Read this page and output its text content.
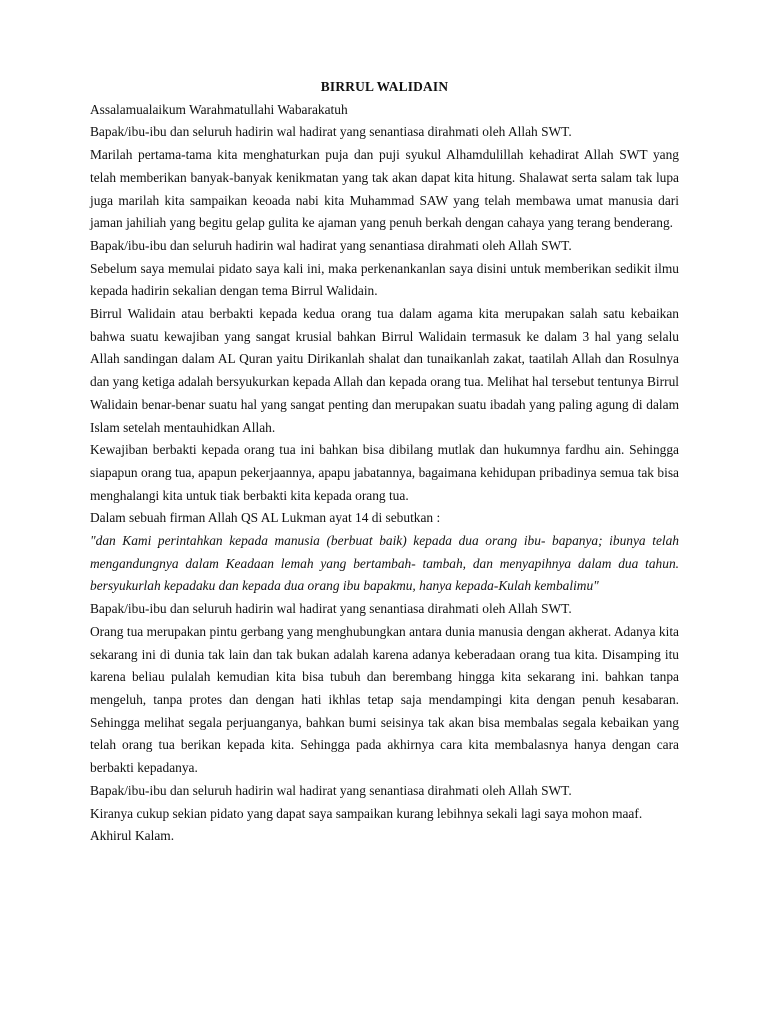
BIRRUL WALIDAIN

Assalamualaikum Warahmatullahi Wabarakatuh

Bapak/ibu-ibu dan seluruh hadirin wal hadirat yang senantiasa dirahmati oleh Allah SWT.

Marilah pertama-tama kita menghaturkan puja dan puji syukul Alhamdulillah kehadirat Allah SWT yang telah memberikan banyak-banyak kenikmatan yang tak akan dapat kita hitung. Shalawat serta salam tak lupa juga marilah kita sampaikan keoada nabi kita Muhammad SAW yang telah membawa umat manusia dari jaman jahiliah yang begitu gelap gulita ke ajaman yang penuh berkah dengan cahaya yang terang benderang.

Bapak/ibu-ibu dan seluruh hadirin wal hadirat yang senantiasa dirahmati oleh Allah SWT.

Sebelum saya memulai pidato saya kali ini, maka perkenankanlan saya disini untuk memberikan sedikit ilmu kepada hadirin sekalian dengan tema Birrul Walidain.

Birrul Walidain atau berbakti kepada kedua orang tua dalam agama kita merupakan salah satu kebaikan bahwa suatu kewajiban yang sangat krusial bahkan Birrul Walidain termasuk ke dalam 3 hal yang selalu Allah sandingan dalam AL Quran yaitu Dirikanlah shalat dan tunaikanlah zakat, taatilah Allah dan Rosulnya dan yang ketiga adalah bersyukurkan kepada Allah dan kepada orang tua. Melihat hal tersebut tentunya Birrul Walidain benar-benar suatu hal yang sangat penting dan merupakan suatu ibadah yang paling agung di dalam Islam setelah mentauhidkan Allah.

Kewajiban berbakti kepada orang tua ini bahkan bisa dibilang mutlak dan hukumnya fardhu ain. Sehingga siapapun orang tua, apapun pekerjaannya, apapu jabatannya, bagaimana kehidupan pribadinya semua tak bisa menghalangi kita untuk tiak berbakti kita kepada orang tua.

Dalam sebuah firman Allah QS AL Lukman ayat 14 di sebutkan :

"dan Kami perintahkan kepada manusia (berbuat baik) kepada dua orang ibu- bapanya; ibunya telah mengandungnya dalam Keadaan lemah yang bertambah- tambah, dan menyapihnya dalam dua tahun. bersyukurlah kepadaku dan kepada dua orang ibu bapakmu, hanya kepada-Kulah kembalimu"

Bapak/ibu-ibu dan seluruh hadirin wal hadirat yang senantiasa dirahmati oleh Allah SWT.

Orang tua merupakan pintu gerbang yang menghubungkan antara dunia manusia dengan akherat. Adanya kita sekarang ini di dunia tak lain dan tak bukan adalah karena adanya keberadaan orang tua kita. Disamping itu karena beliau pulalah kemudian kita bisa tubuh dan berembang hingga kita sekarang ini. bahkan tanpa mengeluh, tanpa protes dan dengan hati ikhlas tetap saja mendampingi kita dengan penuh kesabaran. Sehingga melihat segala perjuanganya, bahkan bumi seisinya tak akan bisa membalas segala kebaikan yang telah orang tua berikan kepada kita. Sehingga pada akhirnya cara kita membalasnya hanya dengan cara berbakti kepadanya.

Bapak/ibu-ibu dan seluruh hadirin wal hadirat yang senantiasa dirahmati oleh Allah SWT.

Kiranya cukup sekian pidato yang dapat saya sampaikan kurang lebihnya sekali lagi saya mohon maaf.

Akhirul Kalam.
